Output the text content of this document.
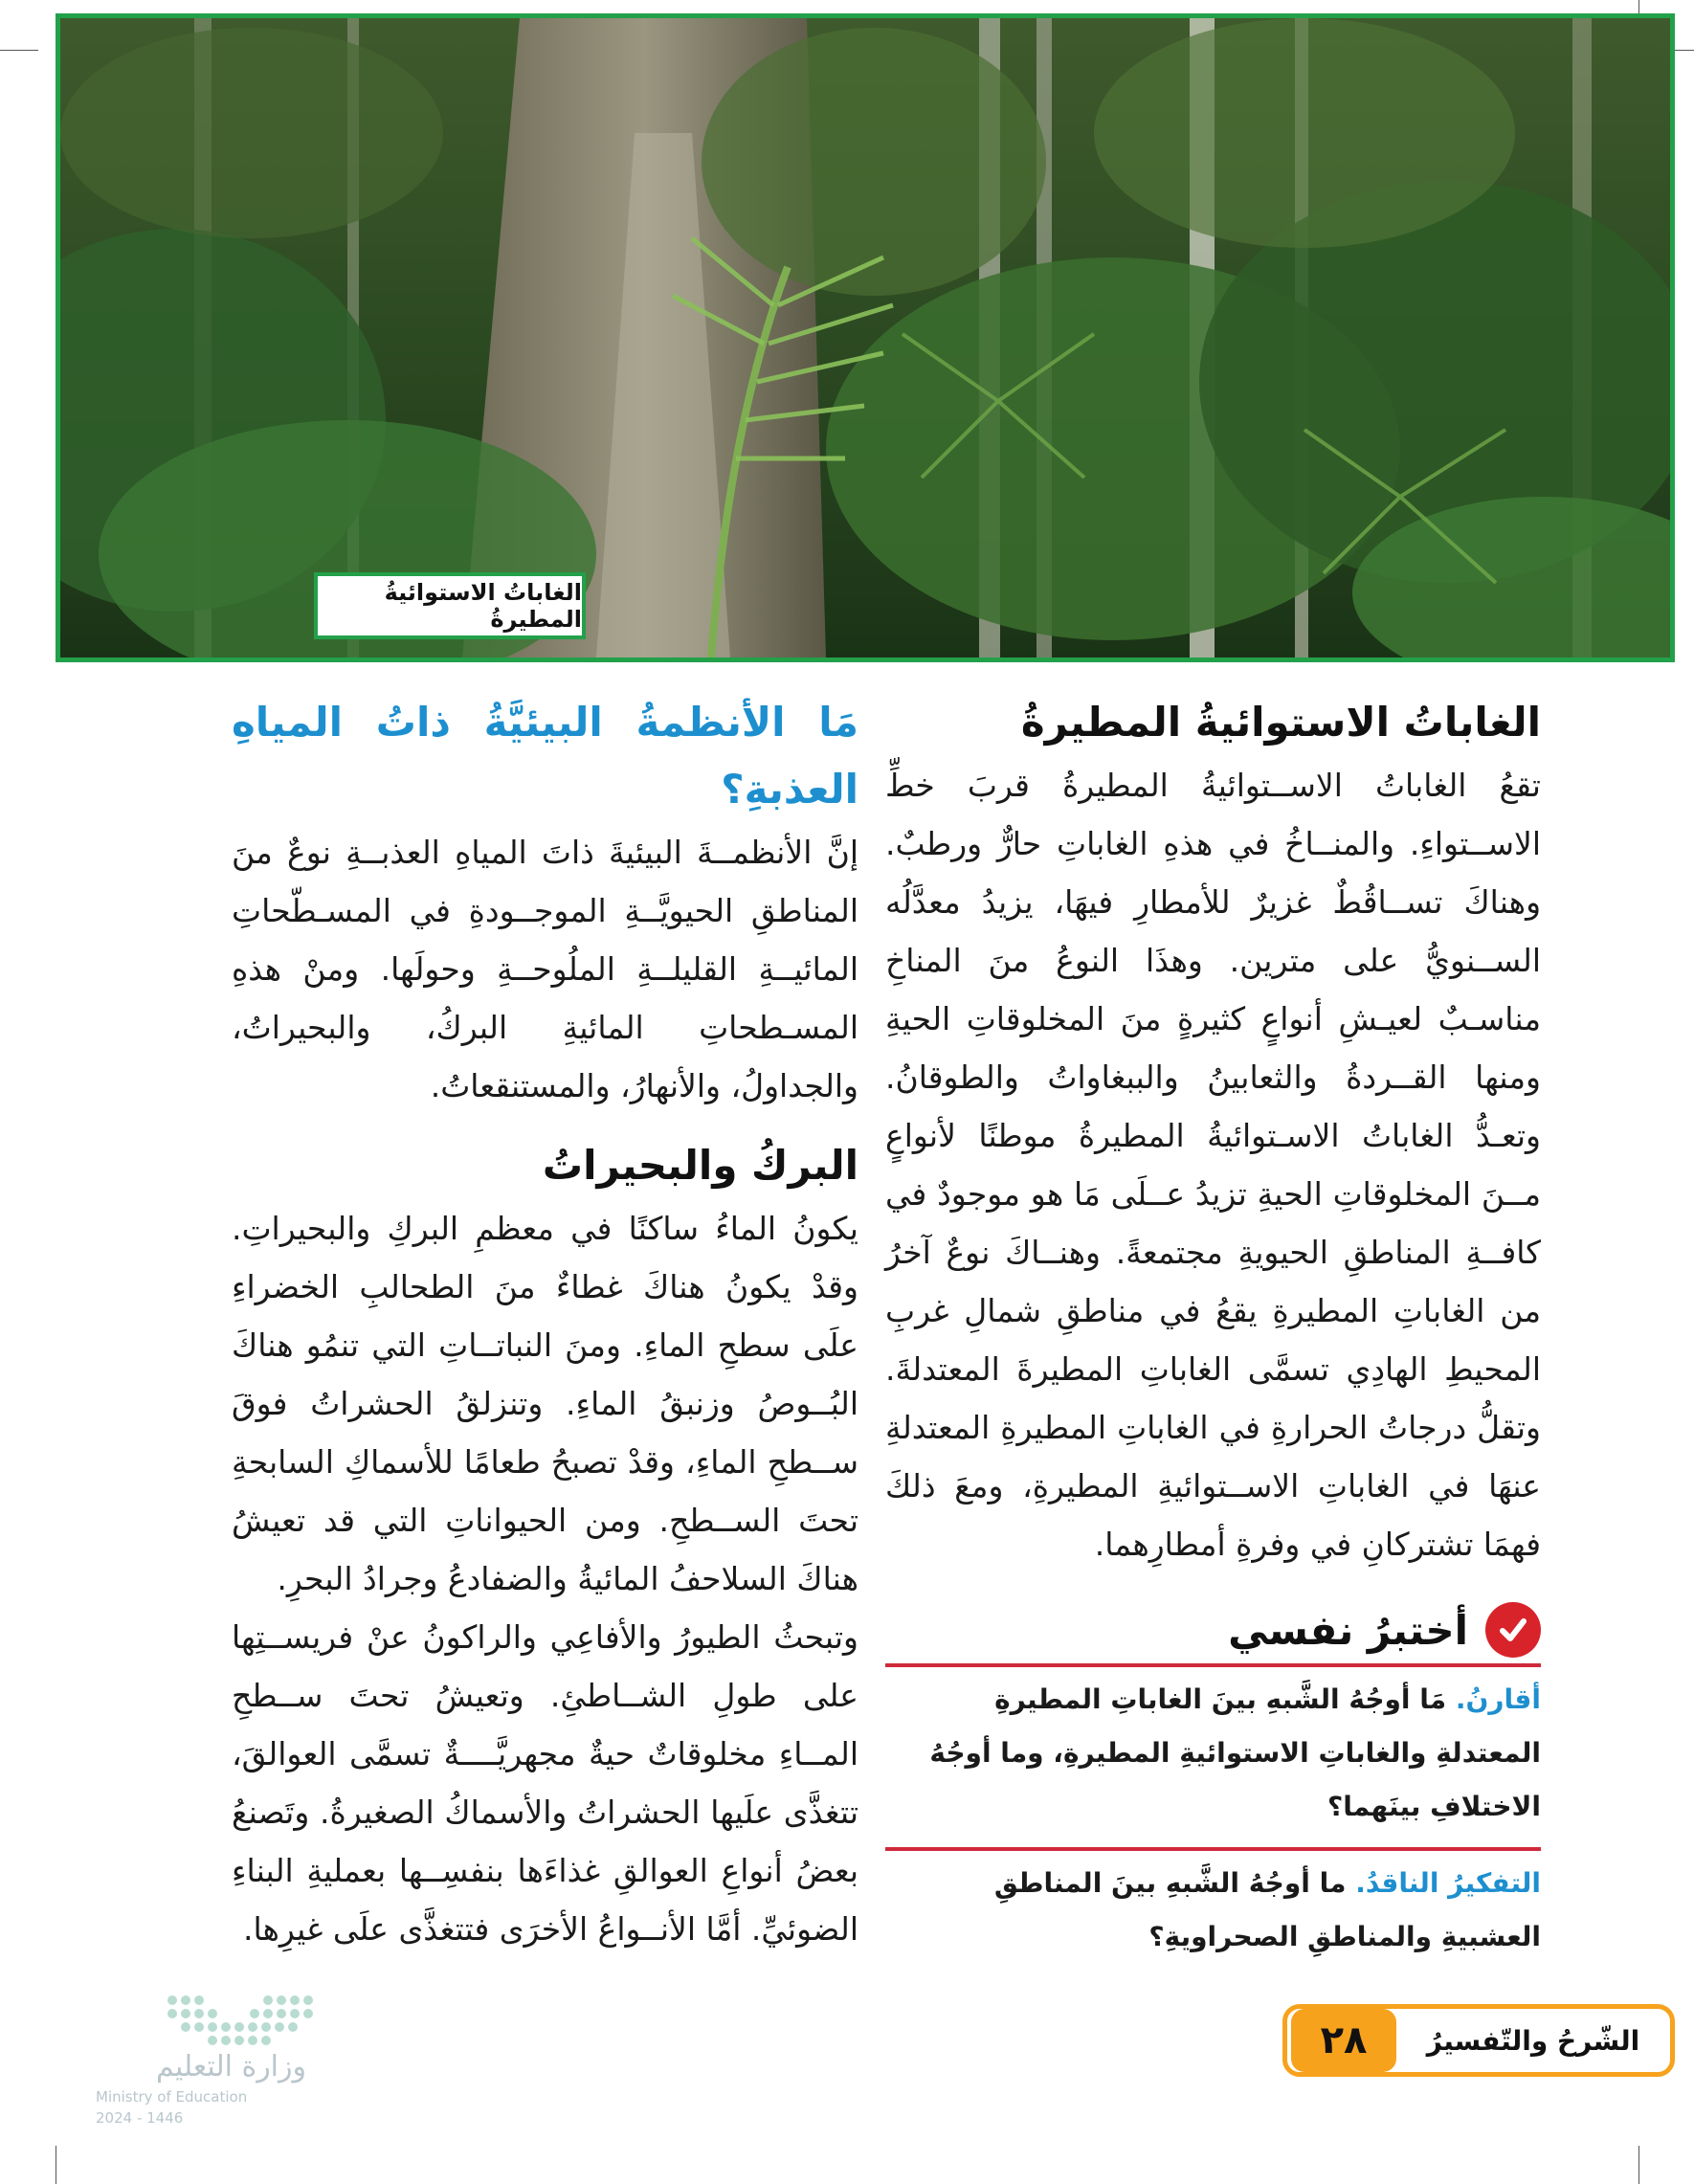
الغاباتُ الاستوائيةُ المطيرةُ
الغاباتُ الاستوائيةُ المطيرةُ

تقعُ الغاباتُ الاســتوائيةُ المطيرةُ قربَ خطِّ الاســتواءِ. والمنــاخُ في هذهِ الغاباتِ حارٌّ ورطبٌ. وهناكَ تســاقُطٌ غزيرٌ للأمطارِ فيهَا، يزيدُ معدَّلُه الســنويُّ على مترين. وهذَا النوعُ منَ المناخِ مناسـبٌ لعيـشِ أنواعٍ كثيرةٍ منَ المخلوقاتِ الحيةِ ومنها القــردةُ والثعابينُ والببغاواتُ والطوقانُ. وتعـدُّ الغاباتُ الاسـتوائيةُ المطيرةُ موطنًا لأنواعٍ مــنَ المخلوقاتِ الحيةِ تزيدُ عــلَى مَا هو موجودٌ في كافــةِ المناطقِ الحيويةِ مجتمعةً. وهنــاكَ نوعٌ آخرُ من الغاباتِ المطيرةِ يقعُ في مناطقِ شمالِ غربِ المحيطِ الهادِي تسمَّى الغاباتِ المطيرةَ المعتدلةَ. وتقلُّ درجاتُ الحرارةِ في الغاباتِ المطيرةِ المعتدلةِ عنهَا في الغاباتِ الاســتوائيةِ المطيرةِ، ومعَ ذلكَ فهمَا تشتركانِ في وفرةِ أمطارِهما.

أختبرُ نفسي
أقارنُ. مَا أوجُهُ الشَّبهِ بينَ الغاباتِ المطيرةِ المعتدلةِ والغاباتِ الاستوائيةِ المطيرةِ، وما أوجُهُ الاختلافِ بينَهما؟
التفكيرُ الناقدُ. ما أوجُهُ الشَّبهِ بينَ المناطقِ العشبيةِ والمناطقِ الصحراويةِ؟
مَا الأنظمةُ البيئيَّةُ ذاتُ المياهِ العذبةِ؟

إنَّ الأنظمــةَ البيئيةَ ذاتَ المياهِ العذبــةِ نوعٌ منَ المناطقِ الحيويَّــةِ الموجــودةِ في المسـطّحاتِ المائيــةِ القليلــةِ الملُوحــةِ وحولَها. ومنْ هذهِ المسـطحاتِ المائيةِ البركُ، والبحيراتُ، والجداولُ، والأنهارُ، والمستنقعاتُ.

البركُ والبحيراتُ

يكونُ الماءُ ساكنًا في معظمِ البركِ والبحيراتِ. وقدْ يكونُ هناكَ غطاءٌ منَ الطحالبِ الخضراءِ علَى سطحِ الماءِ. ومنَ النباتــاتِ التي تنمُو هناكَ البُــوصُ وزنبقُ الماءِ. وتنزلقُ الحشراتُ فوقَ ســطحِ الماءِ، وقدْ تصبحُ طعامًا للأسماكِ السابحةِ تحتَ الســطحِ. ومن الحيواناتِ التي قد تعيشُ هناكَ السلاحفُ المائيةُ والضفادعُ وجرادُ البحرِ.

وتبحثُ الطيورُ والأفاعِي والراكونُ عنْ فريســتِها على طولِ الشــاطئِ. وتعيشُ تحتَ ســطحِ المــاءِ مخلوقاتٌ حيةٌ مجهريَّــــةٌ تسمَّى العوالقَ، تتغذَّى علَيها الحشراتُ والأسماكُ الصغيرةُ. وتَصنعُ بعضُ أنواعِ العوالقِ غذاءَها بنفسِــها بعمليةِ البناءِ الضوئيِّ. أمَّا الأنــواعُ الأخرَى فتتغذَّى علَى غيرِها.

الشّرحُ والتّفسيرُ
٢٨
وزارة التعليم
Ministry of Education
2024 - 1446
